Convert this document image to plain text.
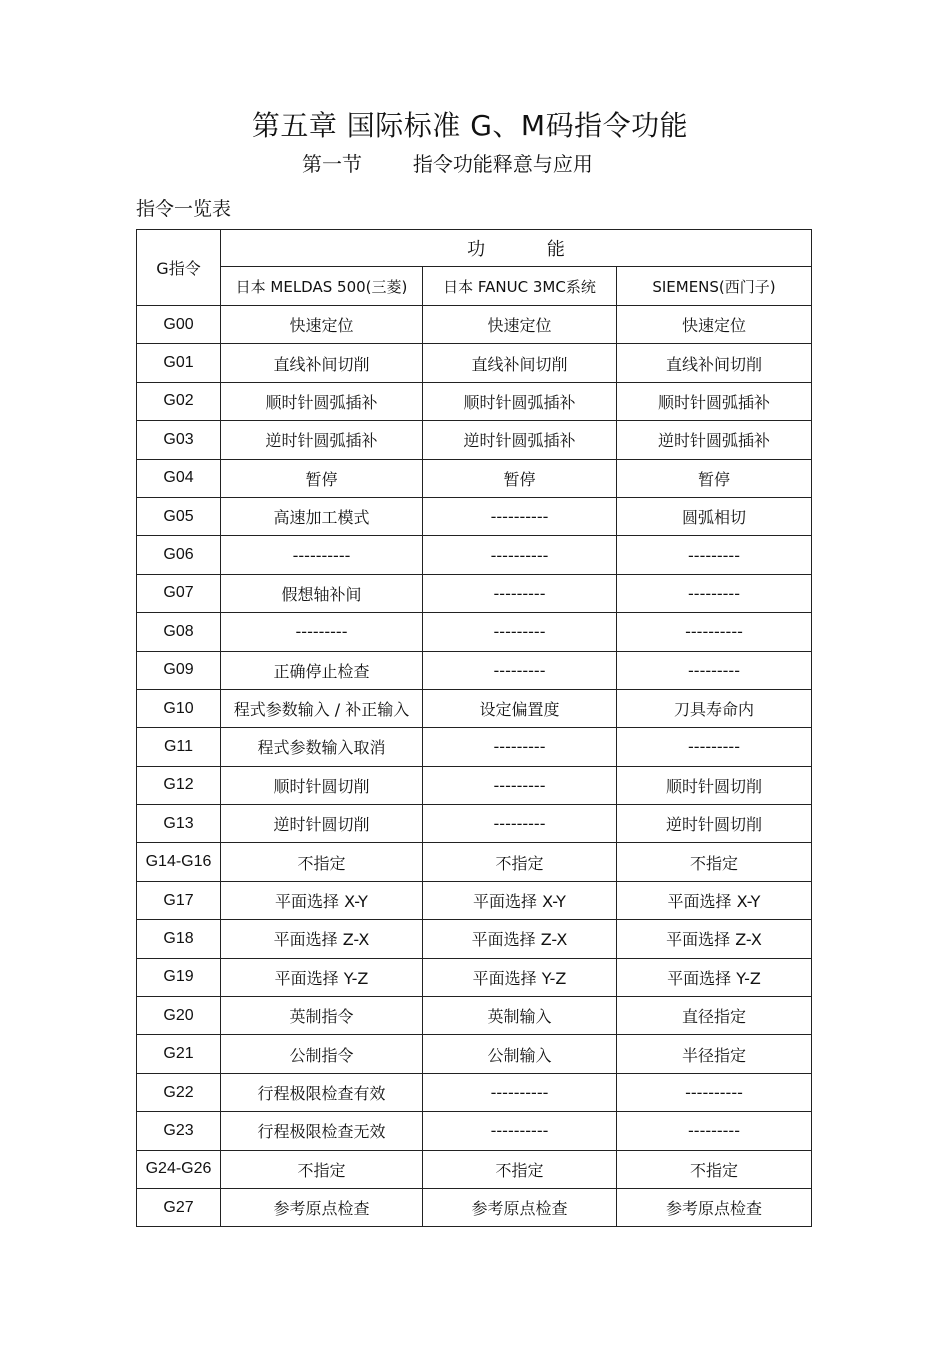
第五章 国际标准 G、M码指令功能
第一节        指令功能释意与应用
指令一览表
G指令	功 能		
	日本 MELDAS 500(三菱)	日本 FANUC 3MC系统	SIEMENS(西门子)
G00	快速定位	快速定位	快速定位
G01	直线补间切削	直线补间切削	直线补间切削
G02	顺时针圆弧插补	顺时针圆弧插补	顺时针圆弧插补
G03	逆时针圆弧插补	逆时针圆弧插补	逆时针圆弧插补
G04	暂停	暂停	暂停
G05	高速加工模式	----------	圆弧相切
G06	----------	----------	---------
G07	假想轴补间	---------	---------
G08	---------	---------	----------
G09	正确停止检查	---------	---------
G10	程式参数输入 / 补正输入	设定偏置度	刀具寿命内
G11	程式参数输入取消	---------	---------
G12	顺时针圆切削	---------	顺时针圆切削
G13	逆时针圆切削	---------	逆时针圆切削
G14-G16	不指定	不指定	不指定
G17	平面选择 X-Y	平面选择 X-Y	平面选择 X-Y
G18	平面选择 Z-X	平面选择 Z-X	平面选择 Z-X
G19	平面选择 Y-Z	平面选择 Y-Z	平面选择 Y-Z
G20	英制指令	英制输入	直径指定
G21	公制指令	公制输入	半径指定
G22	行程极限检查有效	----------	----------
G23	行程极限检查无效	----------	---------
G24-G26	不指定	不指定	不指定
G27	参考原点检查	参考原点检查	参考原点检查
